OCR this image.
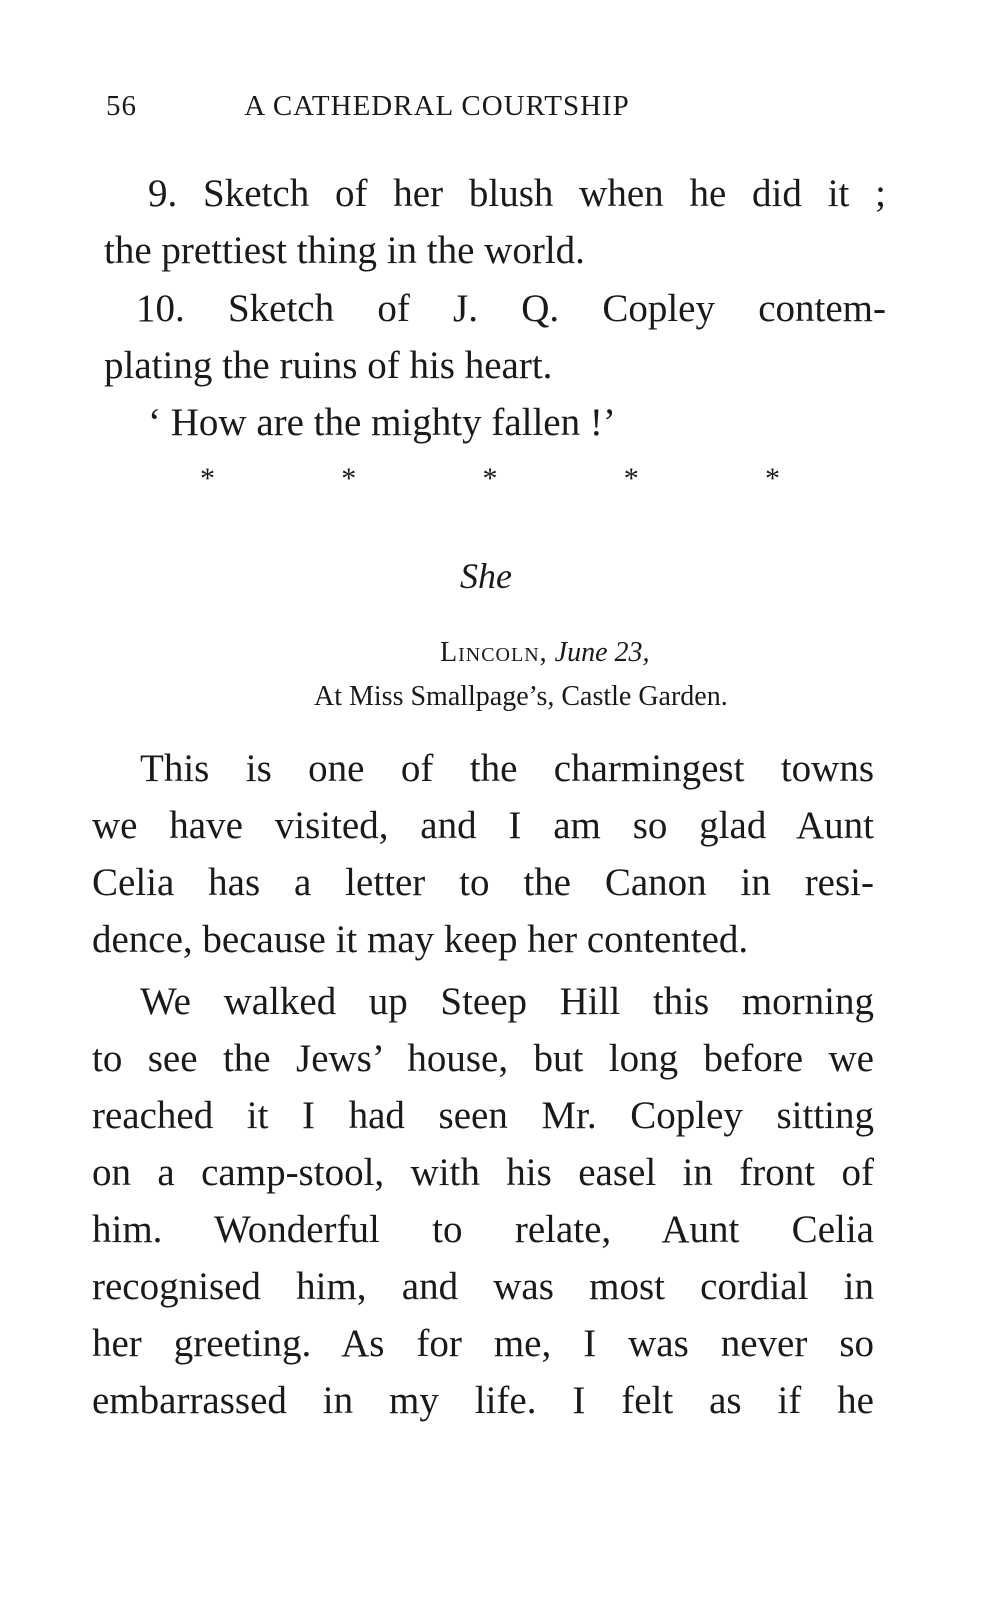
56	A CATHEDRAL COURTSHIP
9. Sketch of her blush when he did it ;
the prettiest thing in the world.
10. Sketch of J. Q. Copley contem-
plating the ruins of his heart.
‘ How are the mighty fallen !’
*	*	*	*	*
She
Lincoln, June 23,
At Miss Smallpage’s, Castle Garden.
This is one of the charmingest towns
we have visited, and I am so glad Aunt
Celia has a letter to the Canon in resi-
dence, because it may keep her contented.
We walked up Steep Hill this morning
to see the Jews’ house, but long before we
reached it I had seen Mr. Copley sitting
on a camp-stool, with his easel in front of
him. Wonderful to relate, Aunt Celia
recognised him, and was most cordial in
her greeting. As for me, I was never so
embarrassed in my life. I felt as if he
